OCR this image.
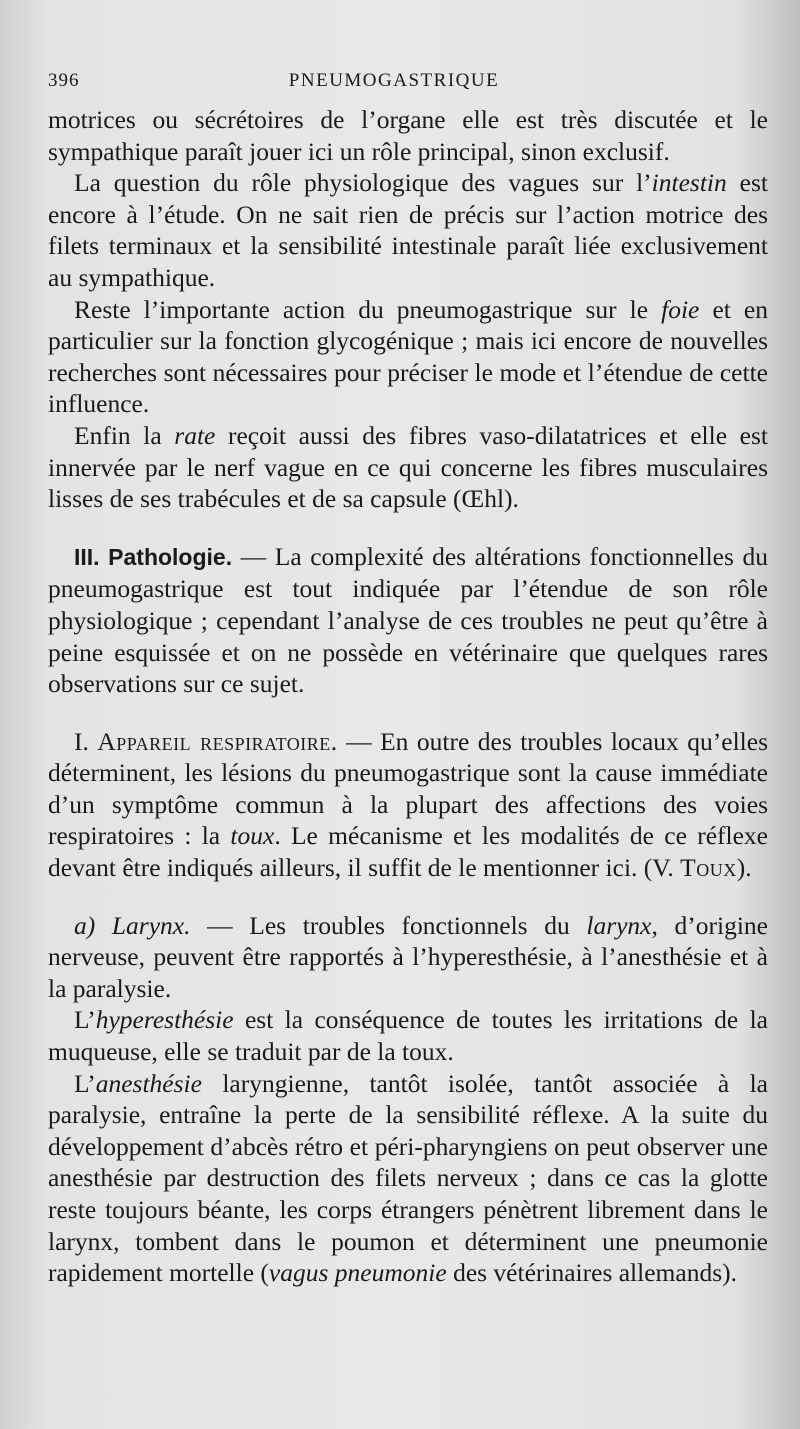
396	PNEUMOGASTRIQUE

motrices ou sécrétoires de l’organe elle est très discutée et le sympathique paraît jouer ici un rôle principal, sinon exclusif.

La question du rôle physiologique des vagues sur l’intestin est encore à l’étude. On ne sait rien de précis sur l’action motrice des filets terminaux et la sensibilité intestinale paraît liée exclusivement au sympathique.

Reste l’importante action du pneumogastrique sur le foie et en particulier sur la fonction glycogénique ; mais ici encore de nouvelles recherches sont nécessaires pour préciser le mode et l’étendue de cette influence.

Enfin la rate reçoit aussi des fibres vaso-dilatatrices et elle est innervée par le nerf vague en ce qui concerne les fibres musculaires lisses de ses trabécules et de sa capsule (Œhl).

III. Pathologie. — La complexité des altérations fonctionnelles du pneumogastrique est tout indiquée par l’étendue de son rôle physiologique ; cependant l’analyse de ces troubles ne peut qu’être à peine esquissée et on ne possède en vétérinaire que quelques rares observations sur ce sujet.

I. Appareil respiratoire. — En outre des troubles locaux qu’elles déterminent, les lésions du pneumogastrique sont la cause immédiate d’un symptôme commun à la plupart des affections des voies respiratoires : la toux. Le mécanisme et les modalités de ce réflexe devant être indiqués ailleurs, il suffit de le mentionner ici. (V. Toux).

a) Larynx. — Les troubles fonctionnels du larynx, d’origine nerveuse, peuvent être rapportés à l’hyperesthésie, à l’anesthésie et à la paralysie.

L’hyperesthésie est la conséquence de toutes les irritations de la muqueuse, elle se traduit par de la toux.

L’anesthésie laryngienne, tantôt isolée, tantôt associée à la paralysie, entraîne la perte de la sensibilité réflexe. A la suite du développement d’abcès rétro et péri-pharyngiens on peut observer une anesthésie par destruction des filets nerveux ; dans ce cas la glotte reste toujours béante, les corps étrangers pénètrent librement dans le larynx, tombent dans le poumon et déterminent une pneumonie rapidement mortelle (vagus pneumonie des vétérinaires allemands).
